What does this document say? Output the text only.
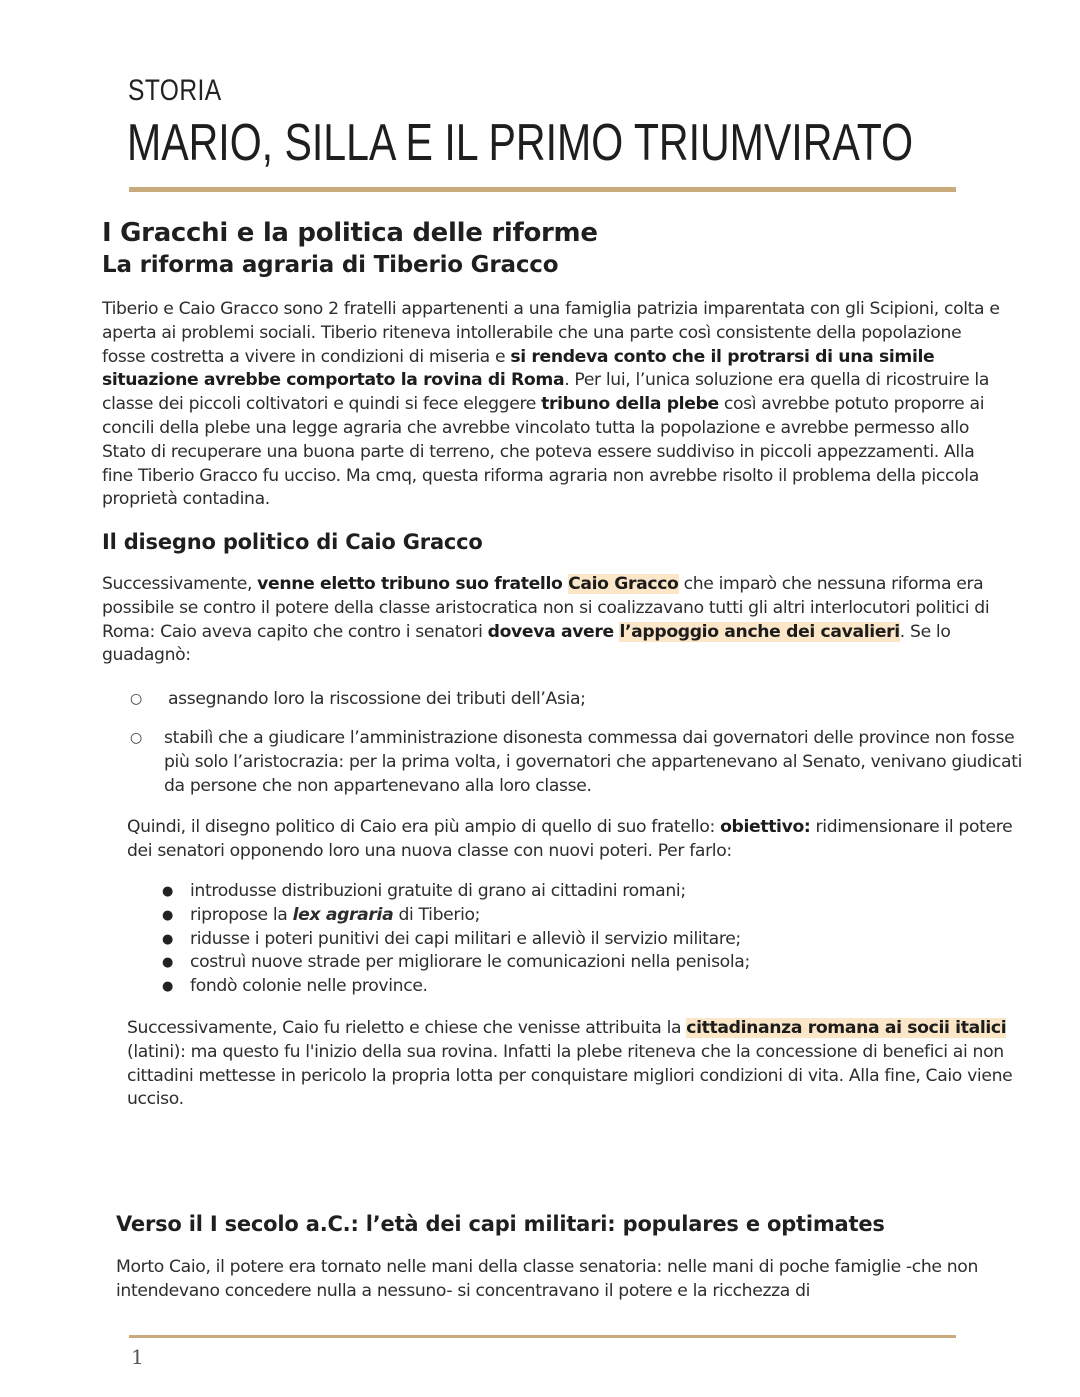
STORIA
MARIO, SILLA E IL PRIMO TRIUMVIRATO
I Gracchi e la politica delle riforme
La riforma agraria di Tiberio Gracco

Tiberio e Caio Gracco sono 2 fratelli appartenenti a una famiglia patrizia imparentata con gli Scipioni, colta e aperta ai problemi sociali. Tiberio riteneva intollerabile che una parte così consistente della popolazione fosse costretta a vivere in condizioni di miseria e si rendeva conto che il protrarsi di una simile situazione avrebbe comportato la rovina di Roma. Per lui, l’unica soluzione era quella di ricostruire la classe dei piccoli coltivatori e quindi si fece eleggere tribuno della plebe così avrebbe potuto proporre ai concili della plebe una legge agraria che avrebbe vincolato tutta la popolazione e avrebbe permesso allo Stato di recuperare una buona parte di terreno, che poteva essere suddiviso in piccoli appezzamenti. Alla fine Tiberio Gracco fu ucciso. Ma cmq, questa riforma agraria non avrebbe risolto il problema della piccola proprietà contadina.

Il disegno politico di Caio Gracco

Successivamente, venne eletto tribuno suo fratello Caio Gracco che imparò che nessuna riforma era possibile se contro il potere della classe aristocratica non si coalizzavano tutti gli altri interlocutori politici di Roma: Caio aveva capito che contro i senatori doveva avere l’appoggio anche dei cavalieri. Se lo guadagnò:

○ assegnando loro la riscossione dei tributi dell’Asia;
○ stabilì che a giudicare l’amministrazione disonesta commessa dai governatori delle province non fosse più solo l’aristocrazia: per la prima volta, i governatori che appartenevano al Senato, venivano giudicati da persone che non appartenevano alla loro classe.

Quindi, il disegno politico di Caio era più ampio di quello di suo fratello: obiettivo: ridimensionare il potere dei senatori opponendo loro una nuova classe con nuovi poteri. Per farlo:

● introdusse distribuzioni gratuite di grano ai cittadini romani;
● ripropose la lex agraria di Tiberio;
● ridusse i poteri punitivi dei capi militari e alleviò il servizio militare;
● costruì nuove strade per migliorare le comunicazioni nella penisola;
● fondò colonie nelle province.

Successivamente, Caio fu rieletto e chiese che venisse attribuita la cittadinanza romana ai socii italici (latini): ma questo fu l'inizio della sua rovina. Infatti la plebe riteneva che la concessione di benefici ai non cittadini mettesse in pericolo la propria lotta per conquistare migliori condizioni di vita. Alla fine, Caio viene ucciso.

Verso il I secolo a.C.: l’età dei capi militari: populares e optimates

Morto Caio, il potere era tornato nelle mani della classe senatoria: nelle mani di poche famiglie -che non intendevano concedere nulla a nessuno- si concentravano il potere e la ricchezza di

1
